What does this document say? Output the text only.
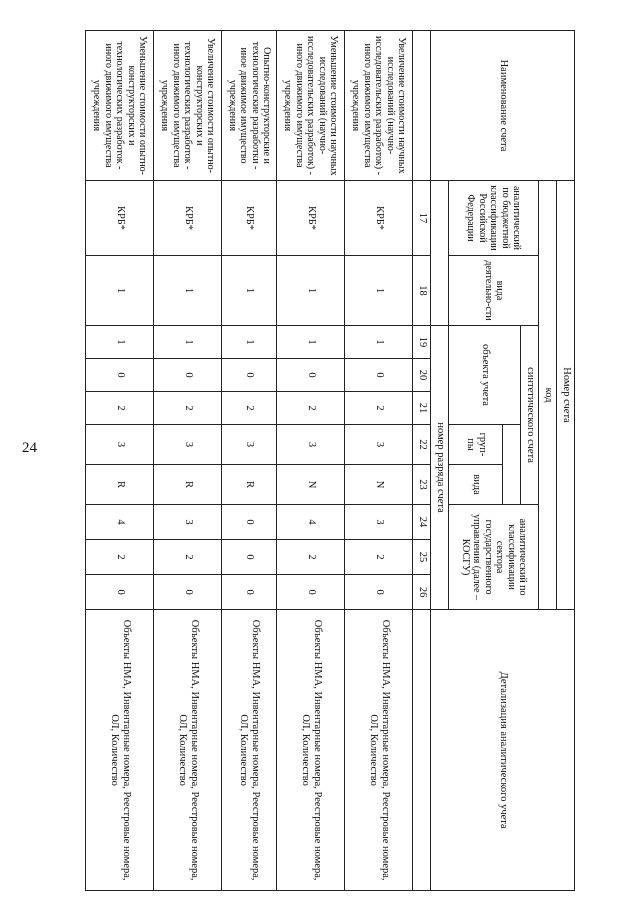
24
Наименование счета	Номер счета										Детализация аналитического учета
	код										
	аналитический по бюджетной классификации Российской Федерации	вида деятельно-сти	синтетического счета					аналитический по классификации сектора государственного управления (далее – КОСГУ)			
			объекта учета								
						груп-пы	вида				
			номер разряда счета								
	17	18	19	20	21	22	23	24	25	26	
Увеличение стоимости научных исследований (научно-исследовательских разработок) - иного движимого имущества учреждения	КРБ*	1	1	0	2	3	N	3	2	0	Объекты НМА, Инвентарные номера, Реестровые номера, ОЛ, Количество
Уменьшение стоимости научных исследований (научно-исследовательских разработок) - иного движимого имущества учреждения	КРБ*	1	1	0	2	3	N	4	2	0	Объекты НМА, Инвентарные номера, Реестровые номера, ОЛ, Количество
Опытно-конструкторские и технологические разработки - иное движимое имущество учреждения	КРБ*	1	1	0	2	3	R	0	0	0	Объекты НМА, Инвентарные номера, Реестровые номера, ОЛ, Количество
Увеличение стоимости опытно-конструкторских и технологических разработок - иного движимого имущества учреждения	КРБ*	1	1	0	2	3	R	3	2	0	Объекты НМА, Инвентарные номера, Реестровые номера, ОЛ, Количество
Уменьшение стоимости опытно-конструкторских и технологических разработок - иного движимого имущества учреждения	КРБ*	1	1	0	2	3	R	4	2	0	Объекты НМА, Инвентарные номера, Реестровые номера, ОЛ, Количество
